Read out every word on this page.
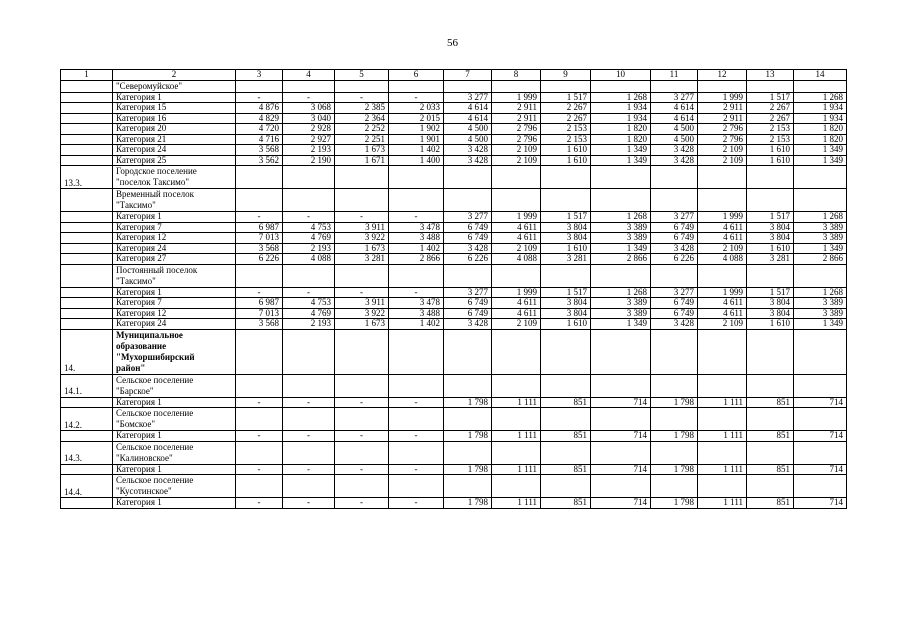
56
1	2	3	4	5	6	7	8	9	10	11	12	13	14

	"Северомуйское"												

	Категория 1	-	-	-	-	3 277	1 999	1 517	1 268	3 277	1 999	1 517	1 268
	Категория 15	4 876	3 068	2 385	2 033	4 614	2 911	2 267	1 934	4 614	2 911	2 267	1 934
	Категория 16	4 829	3 040	2 364	2 015	4 614	2 911	2 267	1 934	4 614	2 911	2 267	1 934
	Категория 20	4 720	2 928	2 252	1 902	4 500	2 796	2 153	1 820	4 500	2 796	2 153	1 820
	Категория 21	4 716	2 927	2 251	1 901	4 500	2 796	2 153	1 820	4 500	2 796	2 153	1 820
	Категория 24	3 568	2 193	1 673	1 402	3 428	2 109	1 610	1 349	3 428	2 109	1 610	1 349
	Категория 25	3 562	2 190	1 671	1 400	3 428	2 109	1 610	1 349	3 428	2 109	1 610	1 349
13.3.	Городское поселение
"поселок Таксимо"												

	Временный поселок
"Таксимо"												

	Категория 1	-	-	-	-	3 277	1 999	1 517	1 268	3 277	1 999	1 517	1 268
	Категория 7	6 987	4 753	3 911	3 478	6 749	4 611	3 804	3 389	6 749	4 611	3 804	3 389
	Категория 12	7 013	4 769	3 922	3 488	6 749	4 611	3 804	3 389	6 749	4 611	3 804	3 389
	Категория 24	3 568	2 193	1 673	1 402	3 428	2 109	1 610	1 349	3 428	2 109	1 610	1 349
	Категория 27	6 226	4 088	3 281	2 866	6 226	4 088	3 281	2 866	6 226	4 088	3 281	2 866

	Постоянный поселок
"Таксимо"												

	Категория 1	-	-	-	-	3 277	1 999	1 517	1 268	3 277	1 999	1 517	1 268
	Категория 7	6 987	4 753	3 911	3 478	6 749	4 611	3 804	3 389	6 749	4 611	3 804	3 389
	Категория 12	7 013	4 769	3 922	3 488	6 749	4 611	3 804	3 389	6 749	4 611	3 804	3 389
	Категория 24	3 568	2 193	1 673	1 402	3 428	2 109	1 610	1 349	3 428	2 109	1 610	1 349
14.	Муниципальное
образование
"Мухоршибирский
район"												

14.1.	Сельское поселение
"Барское"												

	Категория 1	-	-	-	-	1 798	1 111	851	714	1 798	1 111	851	714
14.2.	Сельское поселение
"Бомское"												

	Категория 1	-	-	-	-	1 798	1 111	851	714	1 798	1 111	851	714
14.3.	Сельское поселение
"Калиновское"												

	Категория 1	-	-	-	-	1 798	1 111	851	714	1 798	1 111	851	714
14.4.	Сельское поселение
"Кусотинское"												

	Категория 1	-	-	-	-	1 798	1 111	851	714	1 798	1 111	851	714
